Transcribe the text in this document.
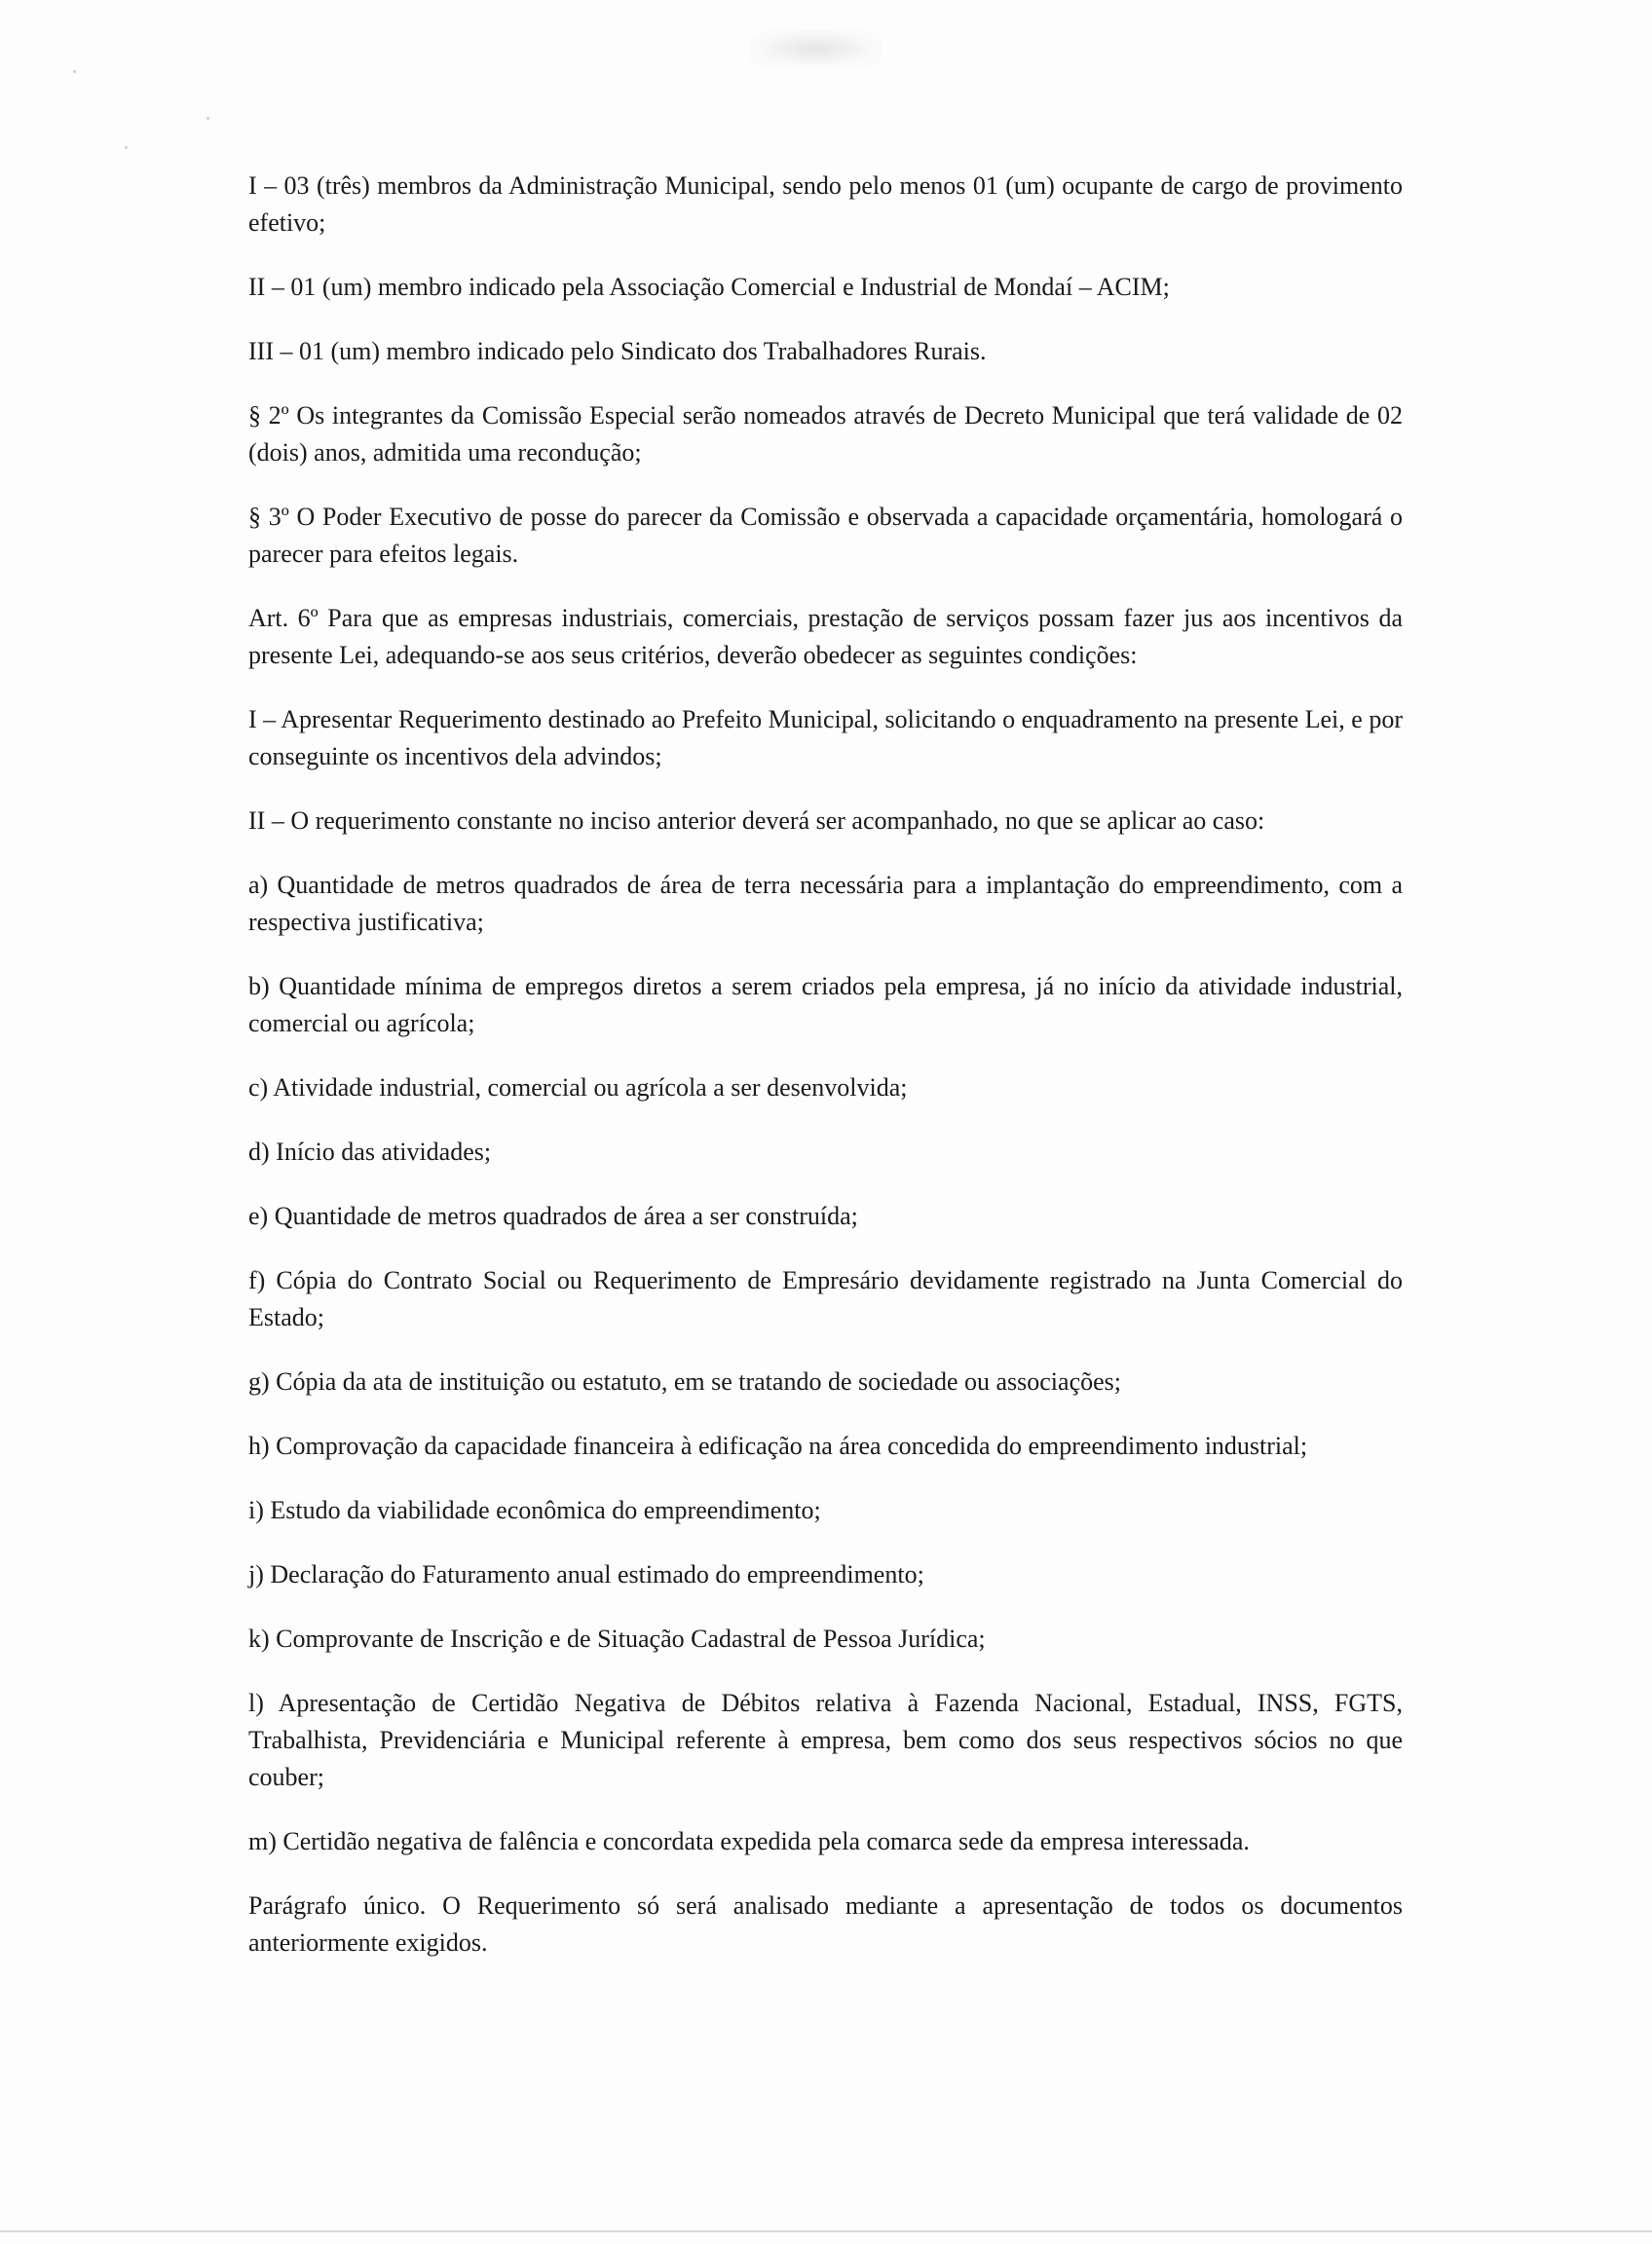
I – 03 (três) membros da Administração Municipal, sendo pelo menos 01 (um) ocupante de cargo de provimento efetivo;

II – 01 (um) membro indicado pela Associação Comercial e Industrial de Mondaí – ACIM;

III – 01 (um) membro indicado pelo Sindicato dos Trabalhadores Rurais.

§ 2º Os integrantes da Comissão Especial serão nomeados através de Decreto Municipal que terá validade de 02 (dois) anos, admitida uma recondução;

§ 3º O Poder Executivo de posse do parecer da Comissão e observada a capacidade orçamentária, homologará o parecer para efeitos legais.

Art. 6º Para que as empresas industriais, comerciais, prestação de serviços possam fazer jus aos incentivos da presente Lei, adequando-se aos seus critérios, deverão obedecer as seguintes condições:

I – Apresentar Requerimento destinado ao Prefeito Municipal, solicitando o enquadramento na presente Lei, e por conseguinte os incentivos dela advindos;

II – O requerimento constante no inciso anterior deverá ser acompanhado, no que se aplicar ao caso:

a) Quantidade de metros quadrados de área de terra necessária para a implantação do empreendimento, com a respectiva justificativa;

b) Quantidade mínima de empregos diretos a serem criados pela empresa, já no início da atividade industrial, comercial ou agrícola;

c) Atividade industrial, comercial ou agrícola a ser desenvolvida;

d) Início das atividades;

e) Quantidade de metros quadrados de área a ser construída;

f) Cópia do Contrato Social ou Requerimento de Empresário devidamente registrado na Junta Comercial do Estado;

g) Cópia da ata de instituição ou estatuto, em se tratando de sociedade ou associações;

h) Comprovação da capacidade financeira à edificação na área concedida do empreendimento industrial;

i) Estudo da viabilidade econômica do empreendimento;

j) Declaração do Faturamento anual estimado do empreendimento;

k) Comprovante de Inscrição e de Situação Cadastral de Pessoa Jurídica;

l) Apresentação de Certidão Negativa de Débitos relativa à Fazenda Nacional, Estadual, INSS, FGTS, Trabalhista, Previdenciária e Municipal referente à empresa, bem como dos seus respectivos sócios no que couber;

m) Certidão negativa de falência e concordata expedida pela comarca sede da empresa interessada.

Parágrafo único. O Requerimento só será analisado mediante a apresentação de todos os documentos anteriormente exigidos.
